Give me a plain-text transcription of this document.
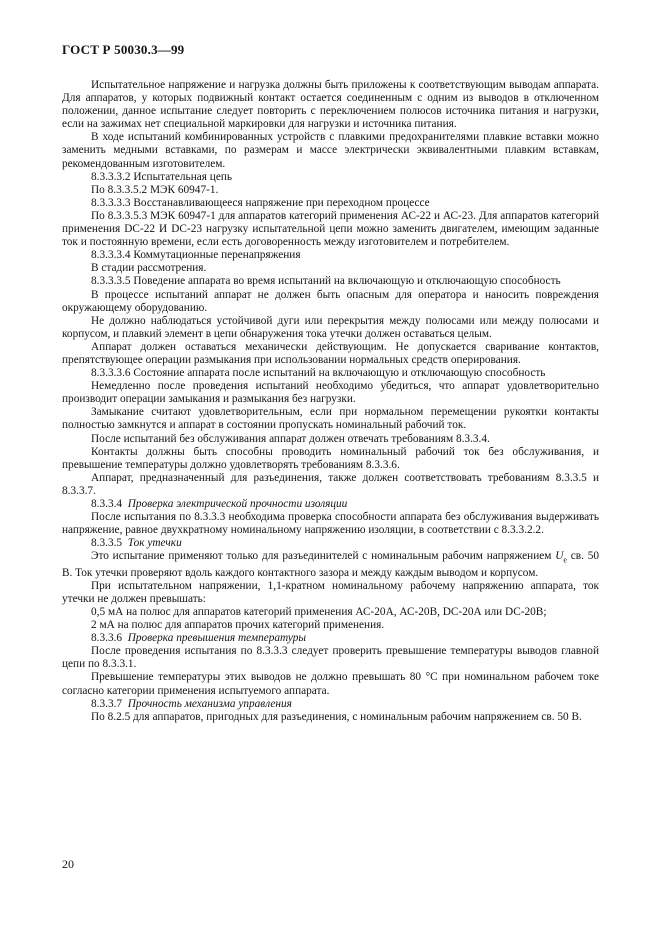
ГОСТ Р 50030.3—99

Испытательное напряжение и нагрузка должны быть приложены к соответствующим выводам аппарата. Для аппаратов, у которых подвижный контакт остается соединенным с одним из выводов в отключенном положении, данное испытание следует повторить с переключением полюсов источника питания и нагрузки, если на зажимах нет специальной маркировки для нагрузки и источника питания.

В ходе испытаний комбинированных устройств с плавкими предохранителями плавкие вставки можно заменить медными вставками, по размерам и массе электрически эквивалентными плавким вставкам, рекомендованным изготовителем.

8.3.3.3.2 Испытательная цепь

По 8.3.3.5.2 МЭК 60947-1.

8.3.3.3.3 Восстанавливающееся напряжение при переходном процессе

По 8.3.3.5.3 МЭК 60947-1 для аппаратов категорий применения АС-22 и АС-23. Для аппаратов категорий применения DC-22 И DC-23 нагрузку испытательной цепи можно заменить двигателем, имеющим заданные ток и постоянную времени, если есть договоренность между изготовителем и потребителем.

8.3.3.3.4 Коммутационные перенапряжения

В стадии рассмотрения.

8.3.3.3.5 Поведение аппарата во время испытаний на включающую и отключающую способность

В процессе испытаний аппарат не должен быть опасным для оператора и наносить повреждения окружающему оборудованию.

Не должно наблюдаться устойчивой дуги или перекрытия между полюсами или между полюсами и корпусом, и плавкий элемент в цепи обнаружения тока утечки должен оставаться целым.

Аппарат должен оставаться механически действующим. Не допускается сваривание контактов, препятствующее операции размыкания при использовании нормальных средств оперирования.

8.3.3.3.6 Состояние аппарата после испытаний на включающую и отключающую способность

Немедленно после проведения испытаний необходимо убедиться, что аппарат удовлетворительно производит операции замыкания и размыкания без нагрузки.

Замыкание считают удовлетворительным, если при нормальном перемещении рукоятки контакты полностью замкнутся и аппарат в состоянии пропускать номинальный рабочий ток.

После испытаний без обслуживания аппарат должен отвечать требованиям 8.3.3.4.

Контакты должны быть способны проводить номинальный рабочий ток без обслуживания, и превышение температуры должно удовлетворять требованиям 8.3.3.6.

Аппарат, предназначенный для разъединения, также должен соответствовать требованиям 8.3.3.5 и 8.3.3.7.

8.3.3.4 Проверка электрической прочности изоляции

После испытания по 8.3.3.3 необходима проверка способности аппарата без обслуживания выдерживать напряжение, равное двухкратному номинальному напряжению изоляции, в соответствии с 8.3.3.2.2.

8.3.3.5 Ток утечки

Это испытание применяют только для разъединителей с номинальным рабочим напряжением $U_e$ св. 50 В. Ток утечки проверяют вдоль каждого контактного зазора и между каждым выводом и корпусом.

При испытательном напряжении, 1,1-кратном номинальному рабочему напряжению аппарата, ток утечки не должен превышать:

0,5 мА на полюс для аппаратов категорий применения АС-20А, АС-20В, DC-20А или DC-20В;

2 мА на полюс для аппаратов прочих категорий применения.

8.3.3.6 Проверка превышения температуры

После проведения испытания по 8.3.3.3 следует проверить превышение температуры выводов главной цепи по 8.3.3.1.

Превышение температуры этих выводов не должно превышать 80 °С при номинальном рабочем токе согласно категории применения испытуемого аппарата.

8.3.3.7 Прочность механизма управления

По 8.2.5 для аппаратов, пригодных для разъединения, с номинальным рабочим напряжением св. 50 В.

20
